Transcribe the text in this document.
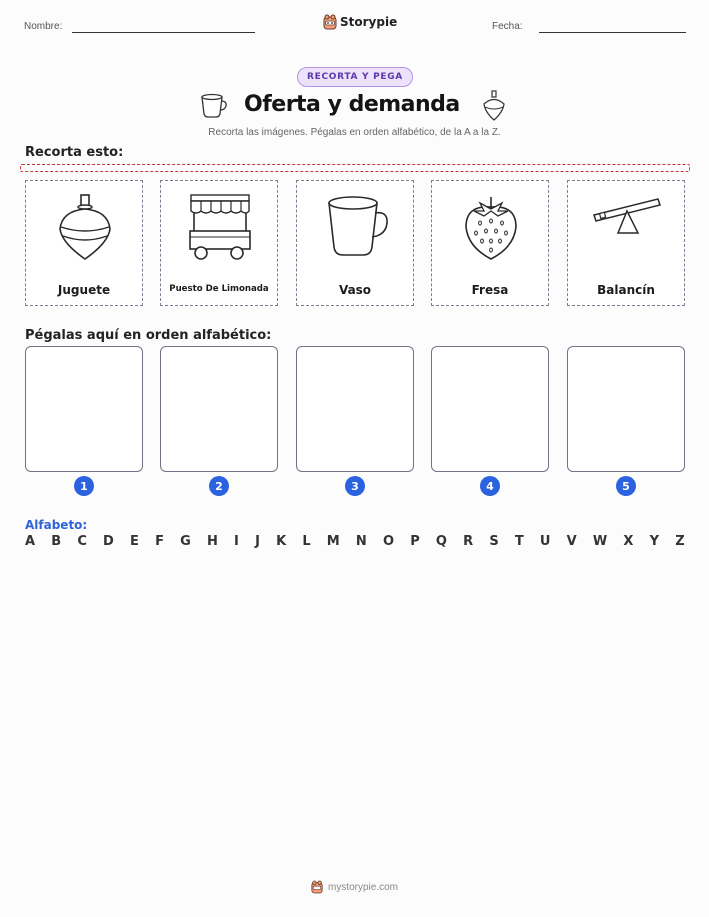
Nombre:	Storypie	Fecha:
RECORTA Y PEGA
Oferta y demanda
Recorta las imágenes. Pégalas en orden alfabético, de la A a la Z.
Recorta esto:
Juguete	Puesto De Limonada	Vaso	Fresa	Balancín
Pégalas aquí en orden alfabético:
1	2	3	4	5
Alfabeto:
A B C D E F G H I J K L M N O P Q R S T U V W X Y Z
mystorypie.com
